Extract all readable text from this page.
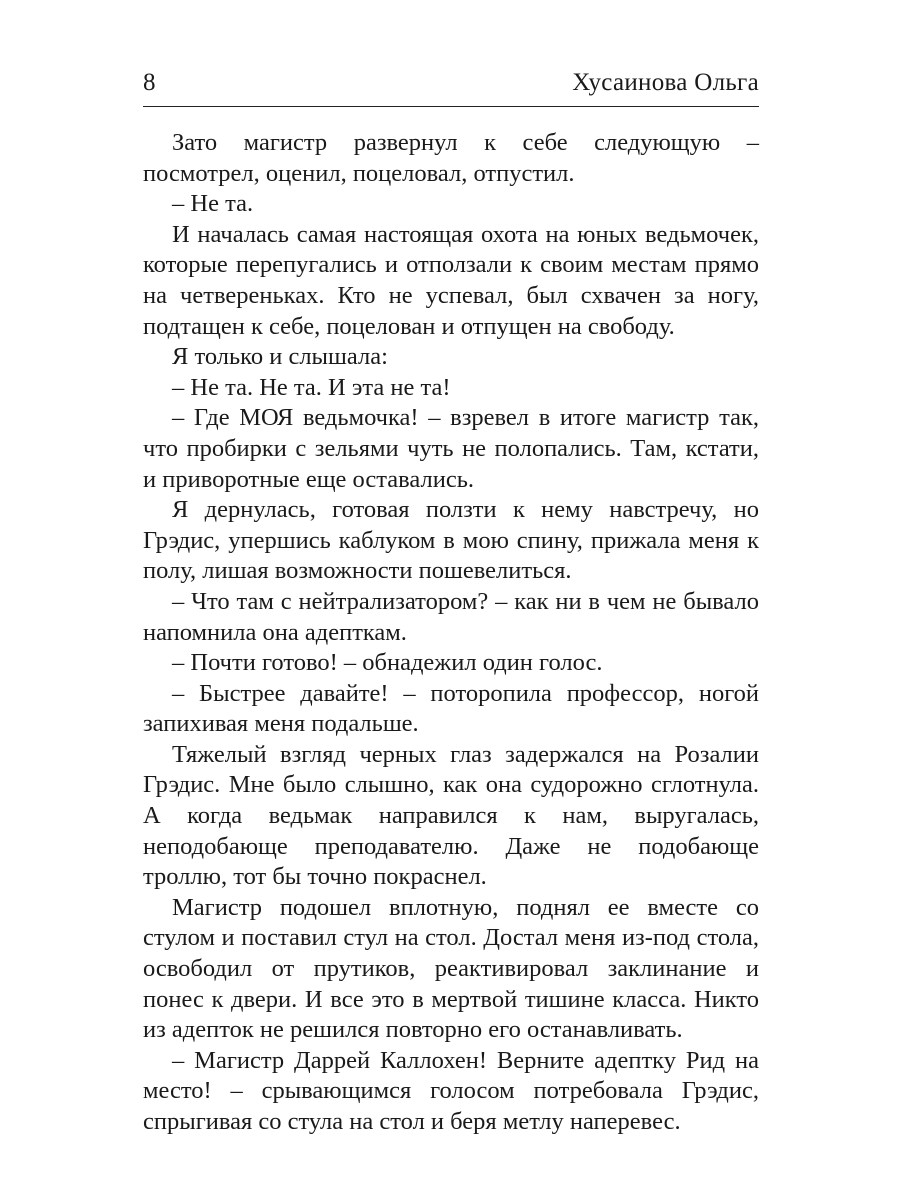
8	Хусаинова Ольга

Зато магистр развернул к себе следующую – посмотрел, оценил, поцеловал, отпустил.

– Не та.

И началась самая настоящая охота на юных ведьмочек, которые перепугались и отползали к своим местам прямо на четвереньках. Кто не успевал, был схвачен за ногу, подтащен к себе, поцелован и отпущен на свободу.

Я только и слышала:

– Не та. Не та. И эта не та!

– Где МОЯ ведьмочка! – взревел в итоге магистр так, что пробирки с зельями чуть не полопались. Там, кстати, и приворотные еще оставались.

Я дернулась, готовая ползти к нему навстречу, но Грэдис, упершись каблуком в мою спину, прижала меня к полу, лишая возможности пошевелиться.

– Что там с нейтрализатором? – как ни в чем не бывало напомнила она адепткам.

– Почти готово! – обнадежил один голос.

– Быстрее давайте! – поторопила профессор, ногой запихивая меня подальше.

Тяжелый взгляд черных глаз задержался на Розалии Грэдис. Мне было слышно, как она судорожно сглотнула. А когда ведьмак направился к нам, выругалась, неподобающе преподавателю. Даже не подобающе троллю, тот бы точно покраснел.

Магистр подошел вплотную, поднял ее вместе со стулом и поставил стул на стол. Достал меня из-под стола, освободил от прутиков, реактивировал заклинание и понес к двери. И все это в мертвой тишине класса. Никто из адепток не решился повторно его останавливать.

– Магистр Даррей Каллохен! Верните адептку Рид на место! – срывающимся голосом потребовала Грэдис, спрыгивая со стула на стол и беря метлу наперевес.
